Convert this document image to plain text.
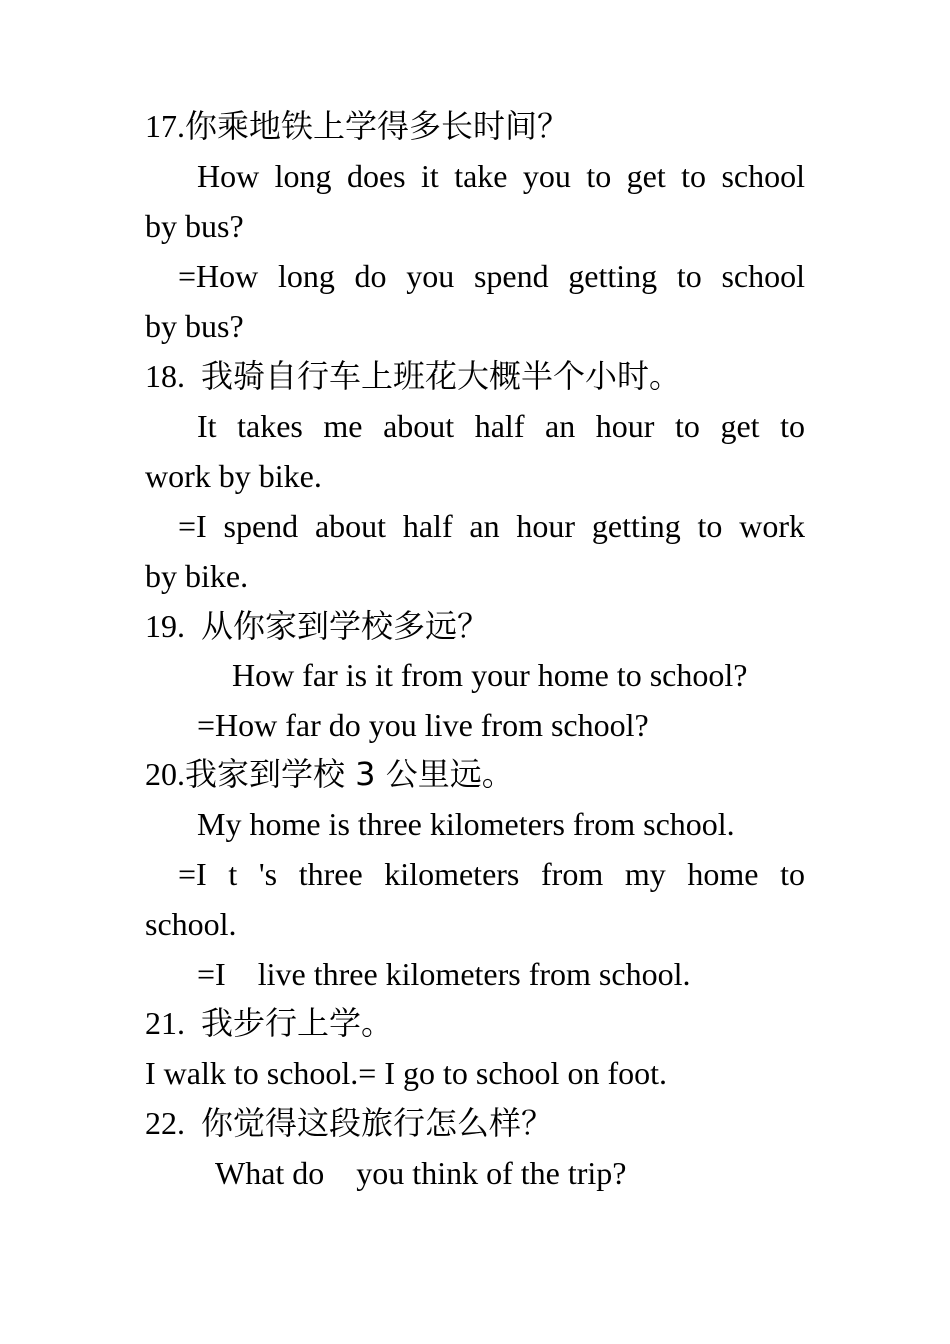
17.你乘地铁上学得多长时间？
How long does it take you to get to school
by bus?
=How long do you spend getting to school
by bus?
18. 我骑自行车上班花大概半个小时。
It takes me about half an hour to get to
work by bike.
=I spend about half an hour getting to work
by bike.
19. 从你家到学校多远？
How far is it from your home to school?
=How far do you live from school?
20.我家到学校 3 公里远。
My home is three kilometers from school.
=I t 's three kilometers from my home to
school.
=I    live three kilometers from school.
21. 我步行上学。
I walk to school.= I go to school on foot.
22. 你觉得这段旅行怎么样？
What do    you think of the trip?
